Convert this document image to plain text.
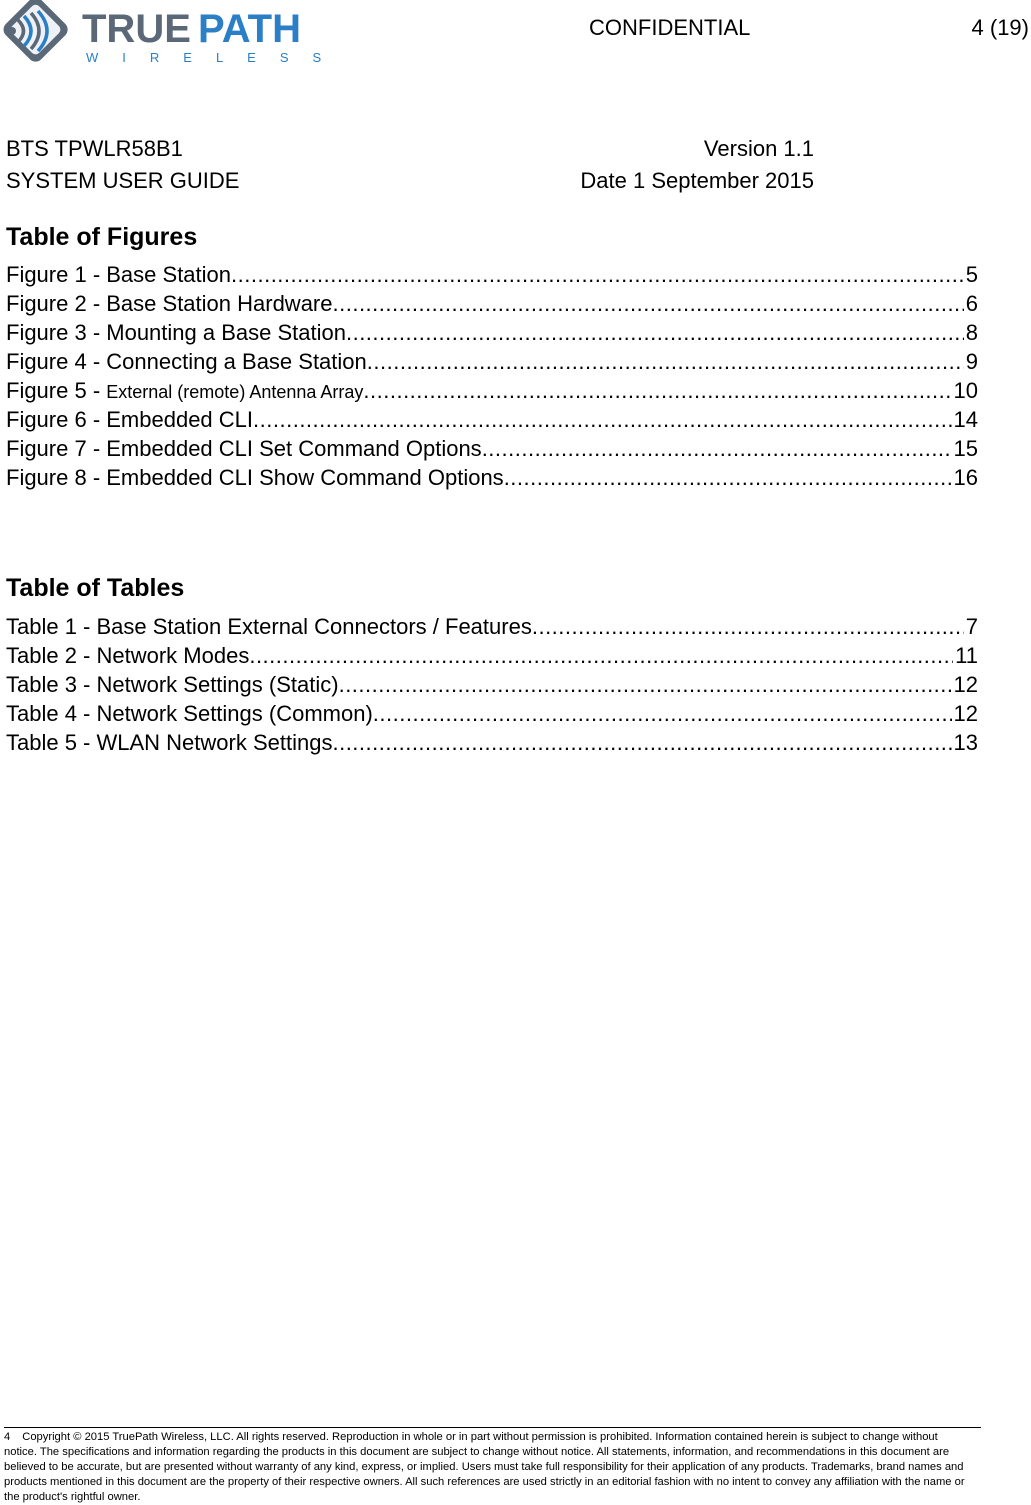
TRUE PATH
WIRELESS
CONFIDENTIAL	4 (19)
BTS TPWLR58B1
SYSTEM USER GUIDE
Version 1.1
Date 1 September 2015
Table of Figures
Figure 1 - Base Station .....	5
Figure 2 - Base Station Hardware .....	6
Figure 3 - Mounting a Base Station .....	8
Figure 4 - Connecting a Base Station .....	9
Figure 5 - External (remote) Antenna Array .....	10
Figure 6 - Embedded CLI .....	14
Figure 7 - Embedded CLI Set Command Options .....	15
Figure 8 - Embedded CLI Show Command Options .....	16
Table of Tables
Table 1 - Base Station External Connectors / Features .....	7
Table 2 - Network Modes .....	11
Table 3 - Network Settings (Static) .....	12
Table 4 - Network Settings (Common) .....	12
Table 5 - WLAN Network Settings .....	13
4 Copyright © 2015 TruePath Wireless, LLC. All rights reserved. Reproduction in whole or in part without permission is prohibited. Information contained herein is subject to change without notice. The specifications and information regarding the products in this document are subject to change without notice. All statements, information, and recommendations in this document are believed to be accurate, but are presented without warranty of any kind, express, or implied. Users must take full responsibility for their application of any products. Trademarks, brand names and products mentioned in this document are the property of their respective owners. All such references are used strictly in an editorial fashion with no intent to convey any affiliation with the name or the product's rightful owner.
